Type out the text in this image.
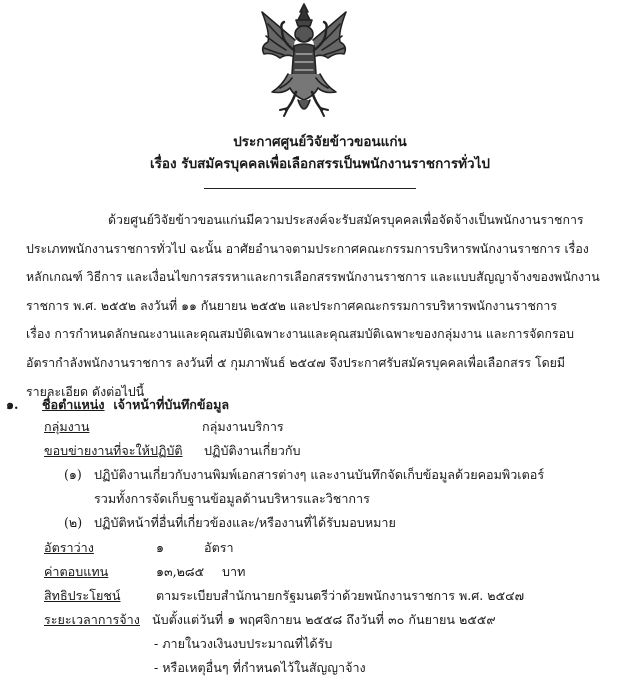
ประกาศศูนย์วิจัยข้าวขอนแก่น
เรื่อง รับสมัครบุคคลเพื่อเลือกสรรเป็นพนักงานราชการทั่วไป
ด้วยศูนย์วิจัยข้าวขอนแก่นมีความประสงค์จะรับสมัครบุคคลเพื่อจัดจ้างเป็นพนักงานราชการ
ประเภทพนักงานราชการทั่วไป ฉะนั้น อาศัยอำนาจตามประกาศคณะกรรมการบริหารพนักงานราชการ เรื่อง
หลักเกณฑ์ วิธีการ และเงื่อนไขการสรรหาและการเลือกสรรพนักงานราชการ และแบบสัญญาจ้างของพนักงาน
ราชการ พ.ศ. ๒๕๕๒ ลงวันที่ ๑๑ กันยายน ๒๕๕๒ และประกาศคณะกรรมการบริหารพนักงานราชการ
เรื่อง การกำหนดลักษณะงานและคุณสมบัติเฉพาะงานและคุณสมบัติเฉพาะของกลุ่มงาน และการจัดกรอบ
อัตรากำลังพนักงานราชการ ลงวันที่ ๕ กุมภาพันธ์ ๒๕๔๗ จึงประกาศรับสมัครบุคคลเพื่อเลือกสรร โดยมี
รายละเอียด ดังต่อไปนี้
๑. ชื่อตำแหน่ง เจ้าหน้าที่บันทึกข้อมูล
กลุ่มงาน	กลุ่มงานบริการ
ขอบข่ายงานที่จะให้ปฏิบัติ ปฏิบัติงานเกี่ยวกับ
(๑) ปฏิบัติงานเกี่ยวกับงานพิมพ์เอกสารต่างๆ และงานบันทึกจัดเก็บข้อมูลด้วยคอมพิวเตอร์
รวมทั้งการจัดเก็บฐานข้อมูลด้านบริหารและวิชาการ
(๒) ปฏิบัติหน้าที่อื่นที่เกี่ยวข้องและ/หรืองานที่ได้รับมอบหมาย
อัตราว่าง	๑	อัตรา
ค่าตอบแทน	๑๓,๒๘๕ บาท
สิทธิประโยชน์	ตามระเบียบสำนักนายกรัฐมนตรีว่าด้วยพนักงานราชการ พ.ศ. ๒๕๔๗
ระยะเวลาการจ้าง นับตั้งแต่วันที่ ๑ พฤศจิกายน ๒๕๕๘ ถึงวันที่ ๓๐ กันยายน ๒๕๕๙
- ภายในวงเงินงบประมาณที่ได้รับ
- หรือเหตุอื่นๆ ที่กำหนดไว้ในสัญญาจ้าง
